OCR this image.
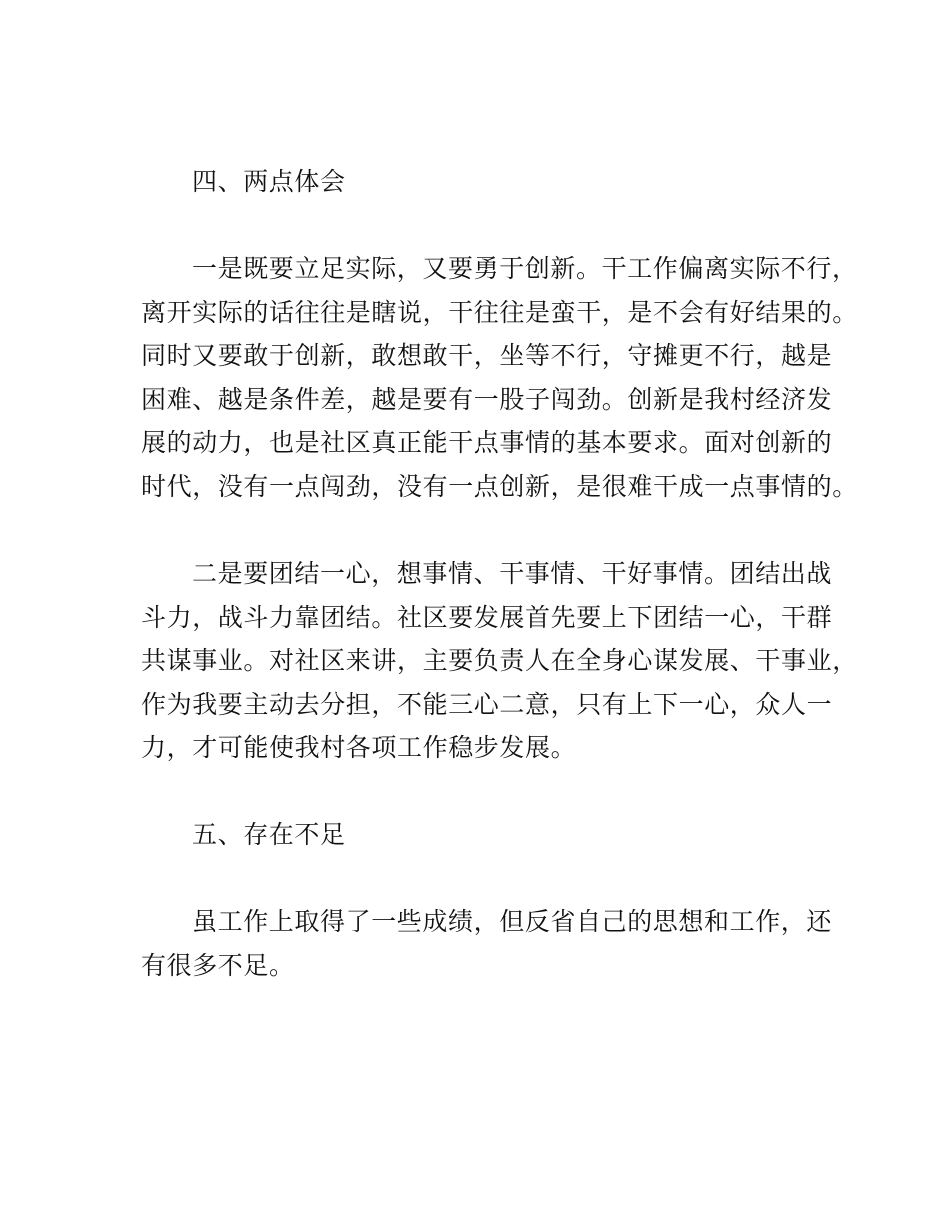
四、两点体会

一是既要立足实际，又要勇于创新。干工作偏离实际不行，
离开实际的话往往是瞎说，干往往是蛮干，是不会有好结果的。
同时又要敢于创新，敢想敢干，坐等不行，守摊更不行，越是
困难、越是条件差，越是要有一股子闯劲。创新是我村经济发
展的动力，也是社区真正能干点事情的基本要求。面对创新的
时代，没有一点闯劲，没有一点创新，是很难干成一点事情的。

二是要团结一心，想事情、干事情、干好事情。团结出战
斗力，战斗力靠团结。社区要发展首先要上下团结一心，干群
共谋事业。对社区来讲，主要负责人在全身心谋发展、干事业，
作为我要主动去分担，不能三心二意，只有上下一心，众人一
力，才可能使我村各项工作稳步发展。

五、存在不足

虽工作上取得了一些成绩，但反省自己的思想和工作，还
有很多不足。
